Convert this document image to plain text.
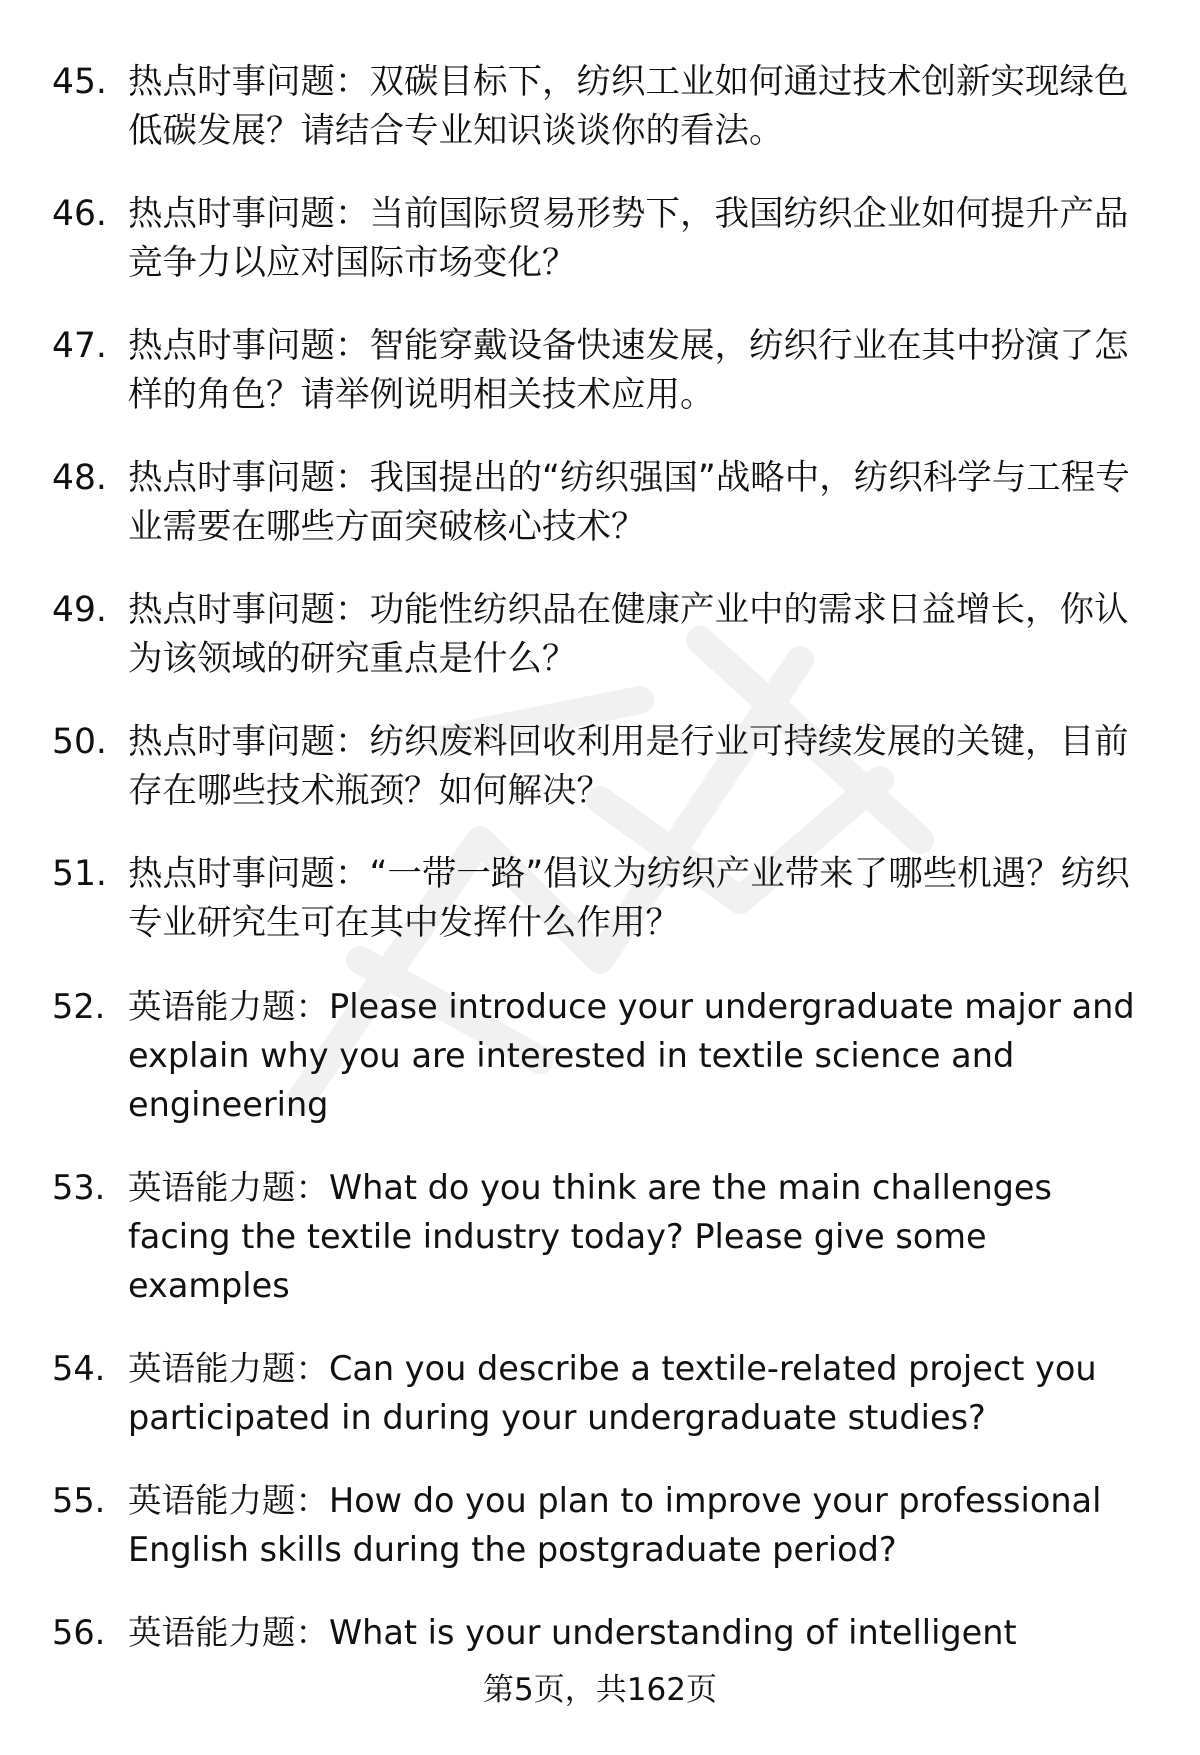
45. 热点时事问题：双碳目标下，纺织工业如何通过技术创新实现绿色低碳发展？请结合专业知识谈谈你的看法。
46. 热点时事问题：当前国际贸易形势下，我国纺织企业如何提升产品竞争力以应对国际市场变化？
47. 热点时事问题：智能穿戴设备快速发展，纺织行业在其中扮演了怎样的角色？请举例说明相关技术应用。
48. 热点时事问题：我国提出的“纺织强国”战略中，纺织科学与工程专业需要在哪些方面突破核心技术？
49. 热点时事问题：功能性纺织品在健康产业中的需求日益增长，你认为该领域的研究重点是什么？
50. 热点时事问题：纺织废料回收利用是行业可持续发展的关键，目前存在哪些技术瓶颈？如何解决？
51. 热点时事问题：“一带一路”倡议为纺织产业带来了哪些机遇？纺织专业研究生可在其中发挥什么作用？
52. 英语能力题：Please introduce your undergraduate major and explain why you are interested in textile science and engineering
53. 英语能力题：What do you think are the main challenges facing the textile industry today? Please give some examples
54. 英语能力题：Can you describe a textile-related project you participated in during your undergraduate studies?
55. 英语能力题：How do you plan to improve your professional English skills during the postgraduate period?
56. 英语能力题：What is your understanding of intelligent
第5页，共162页
